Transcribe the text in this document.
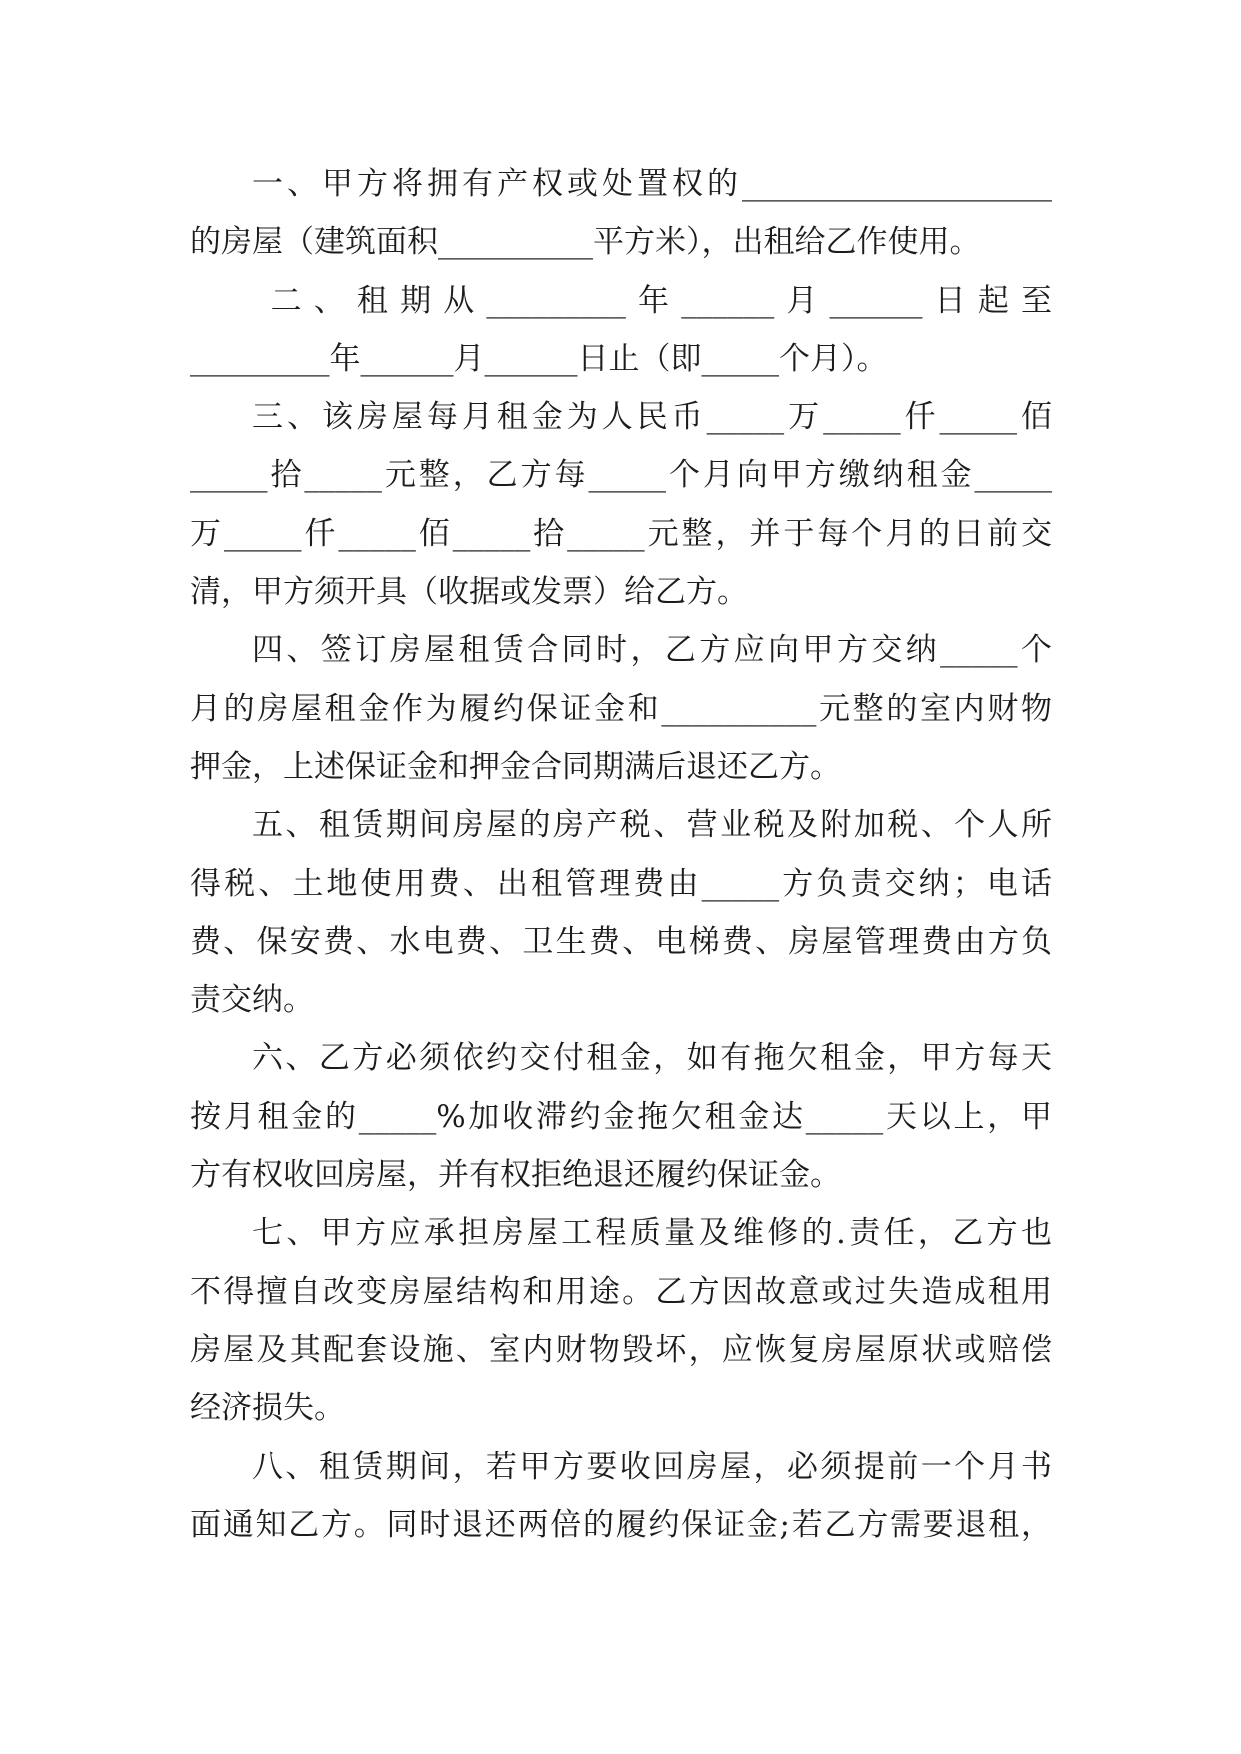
一、甲方将拥有产权或处置权的____________________
的房屋（建筑面积__________平方米），出租给乙作使用。
二、租期从_________年______月______日起至
_________年______月______日止（即_____个月）。
三、该房屋每月租金为人民币_____万_____仟_____佰
_____拾_____元整，乙方每_____个月向甲方缴纳租金_____
万_____仟_____佰_____拾_____元整，并于每个月的日前交
清，甲方须开具（收据或发票）给乙方。
四、签订房屋租赁合同时，乙方应向甲方交纳_____个
月的房屋租金作为履约保证金和__________元整的室内财物
押金，上述保证金和押金合同期满后退还乙方。
五、租赁期间房屋的房产税、营业税及附加税、个人所
得税、土地使用费、出租管理费由_____方负责交纳；电话
费、保安费、水电费、卫生费、电梯费、房屋管理费由方负
责交纳。
六、乙方必须依约交付租金，如有拖欠租金，甲方每天
按月租金的_____%加收滞约金拖欠租金达_____天以上，甲
方有权收回房屋，并有权拒绝退还履约保证金。
七、甲方应承担房屋工程质量及维修的.责任，乙方也
不得擅自改变房屋结构和用途。乙方因故意或过失造成租用
房屋及其配套设施、室内财物毁坏，应恢复房屋原状或赔偿
经济损失。
八、租赁期间，若甲方要收回房屋，必须提前一个月书
面通知乙方。同时退还两倍的履约保证金;若乙方需要退租，
